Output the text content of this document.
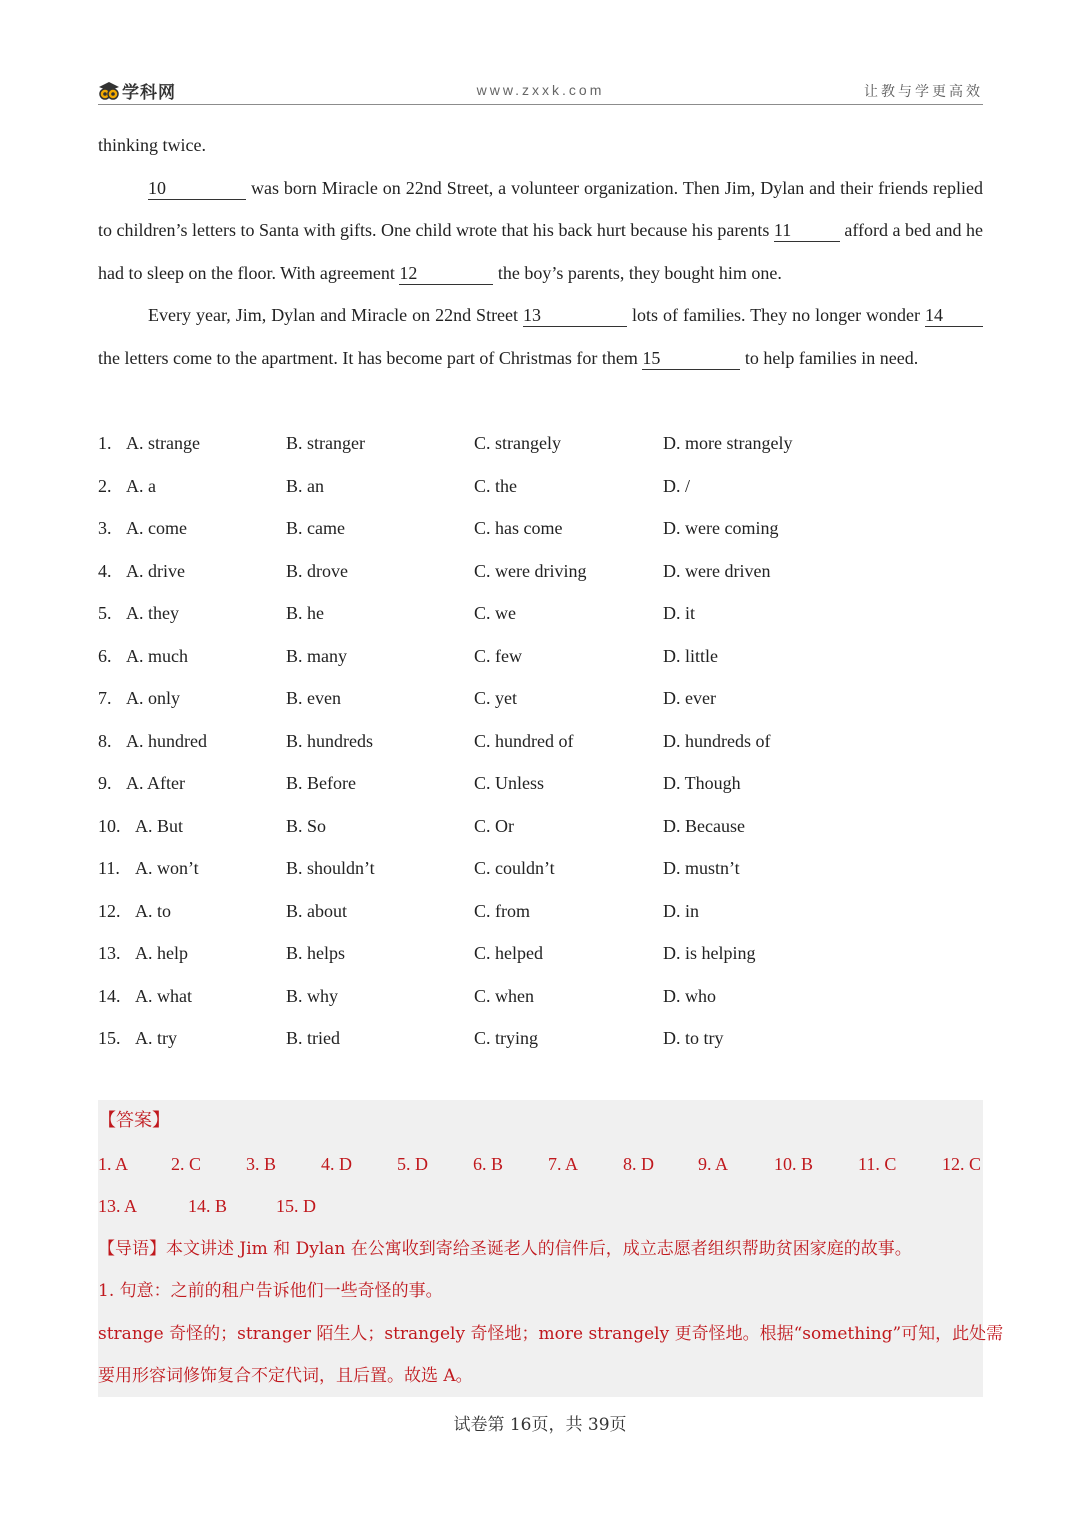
学科网	www.zxxk.com	让教与学更高效
thinking twice.
10	was born Miracle on 22nd Street, a volunteer organization. Then Jim, Dylan and their friends replied to children’s letters to Santa with gifts. One child wrote that his back hurt because his parents 11	afford a bed and he had to sleep on the floor. With agreement 12	the boy’s parents, they bought him one.
Every year, Jim, Dylan and Miracle on 22nd Street 13	lots of families. They no longer wonder 14 the letters come to the apartment. It has become part of Christmas for them 15	to help families in need.
1. A. strange	B. stranger	C. strangely	D. more strangely
2. A. a	B. an	C. the	D. /
3. A. come	B. came	C. has come	D. were coming
4. A. drive	B. drove	C. were driving	D. were driven
5. A. they	B. he	C. we	D. it
6. A. much	B. many	C. few	D. little
7. A. only	B. even	C. yet	D. ever
8. A. hundred	B. hundreds	C. hundred of	D. hundreds of
9. A. After	B. Before	C. Unless	D. Though
10. A. But	B. So	C. Or	D. Because
11. A. won’t	B. shouldn’t	C. couldn’t	D. mustn’t
12. A. to	B. about	C. from	D. in
13. A. help	B. helps	C. helped	D. is helping
14. A. what	B. why	C. when	D. who
15. A. try	B. tried	C. trying	D. to try
【答案】
1. A 2. C 3. B 4. D	5. D	6. B 7. A 8. D 9. A	10. B 11. C	12. C
13. A	14. B	15. D
【导语】本文讲述 Jim 和 Dylan 在公寓收到寄给圣诞老人的信件后，成立志愿者组织帮助贫困家庭的故事。
1. 句意：之前的租户告诉他们一些奇怪的事。
strange 奇怪的；stranger 陌生人；strangely 奇怪地；more strangely 更奇怪地。根据“something”可知，此处需
要用形容词修饰复合不定代词，且后置。故选 A。
试卷第 16页，共 39页
